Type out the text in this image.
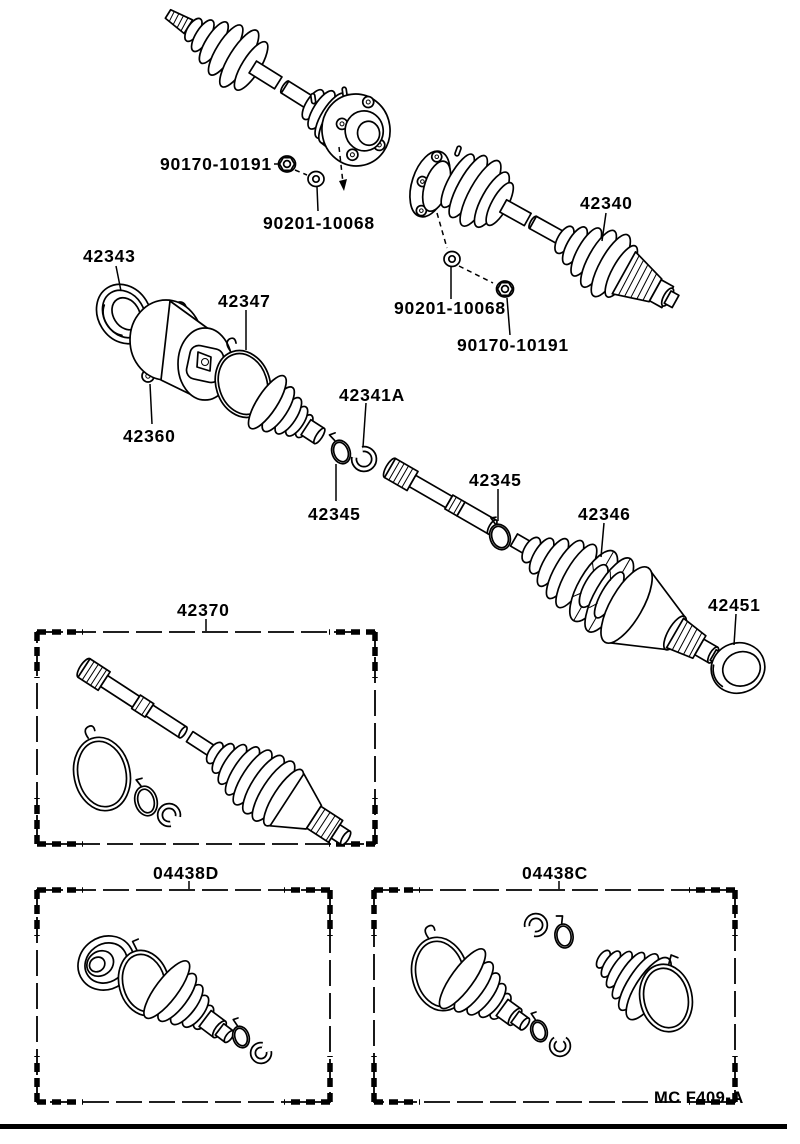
90170-10191
90201-10068
42340
90201-10068
90170-10191
42343
42360
42347
42345
42341A
42345
42346
42451
42370
04438D	04438C
MC F409-A
